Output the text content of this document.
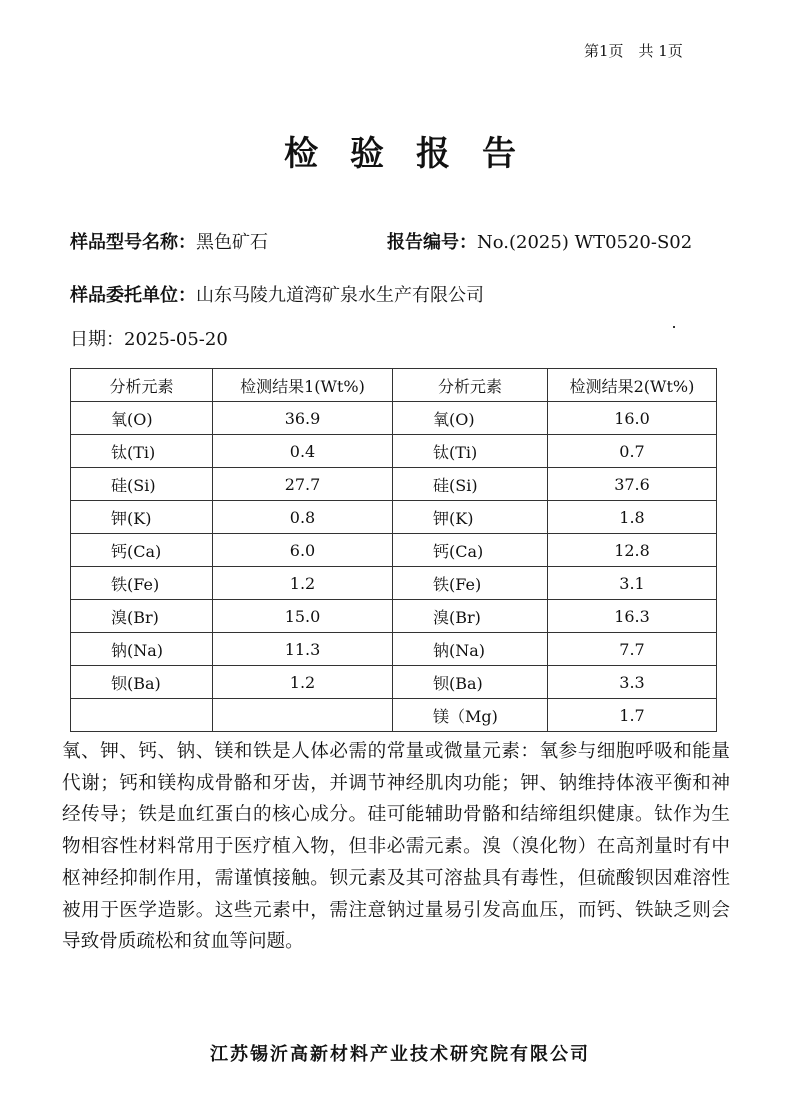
第1页　共 1页
检验报告
样品型号名称：黑色矿石	报告编号：No.(2025) WT0520-S02
样品委托单位：山东马陵九道湾矿泉水生产有限公司
日期：2025-05-20
分析元素	检测结果1(Wt%)	分析元素	检测结果2(Wt%)
氧(O)	36.9	氧(O)	16.0
钛(Ti)	0.4	钛(Ti)	0.7
硅(Si)	27.7	硅(Si)	37.6
钾(K)	0.8	钾(K)	1.8
钙(Ca)	6.0	钙(Ca)	12.8
铁(Fe)	1.2	铁(Fe)	3.1
溴(Br)	15.0	溴(Br)	16.3
钠(Na)	11.3	钠(Na)	7.7
钡(Ba)	1.2	钡(Ba)	3.3
		镁（Mg)	1.7
氧、钾、钙、钠、镁和铁是人体必需的常量或微量元素：氧参与细胞呼吸和能量代谢；钙和镁构成骨骼和牙齿，并调节神经肌肉功能；钾、钠维持体液平衡和神经传导；铁是血红蛋白的核心成分。硅可能辅助骨骼和结缔组织健康。钛作为生物相容性材料常用于医疗植入物，但非必需元素。溴（溴化物）在高剂量时有中枢神经抑制作用，需谨慎接触。钡元素及其可溶盐具有毒性，但硫酸钡因难溶性被用于医学造影。这些元素中，需注意钠过量易引发高血压，而钙、铁缺乏则会导致骨质疏松和贫血等问题。
江苏锡沂高新材料产业技术研究院有限公司
